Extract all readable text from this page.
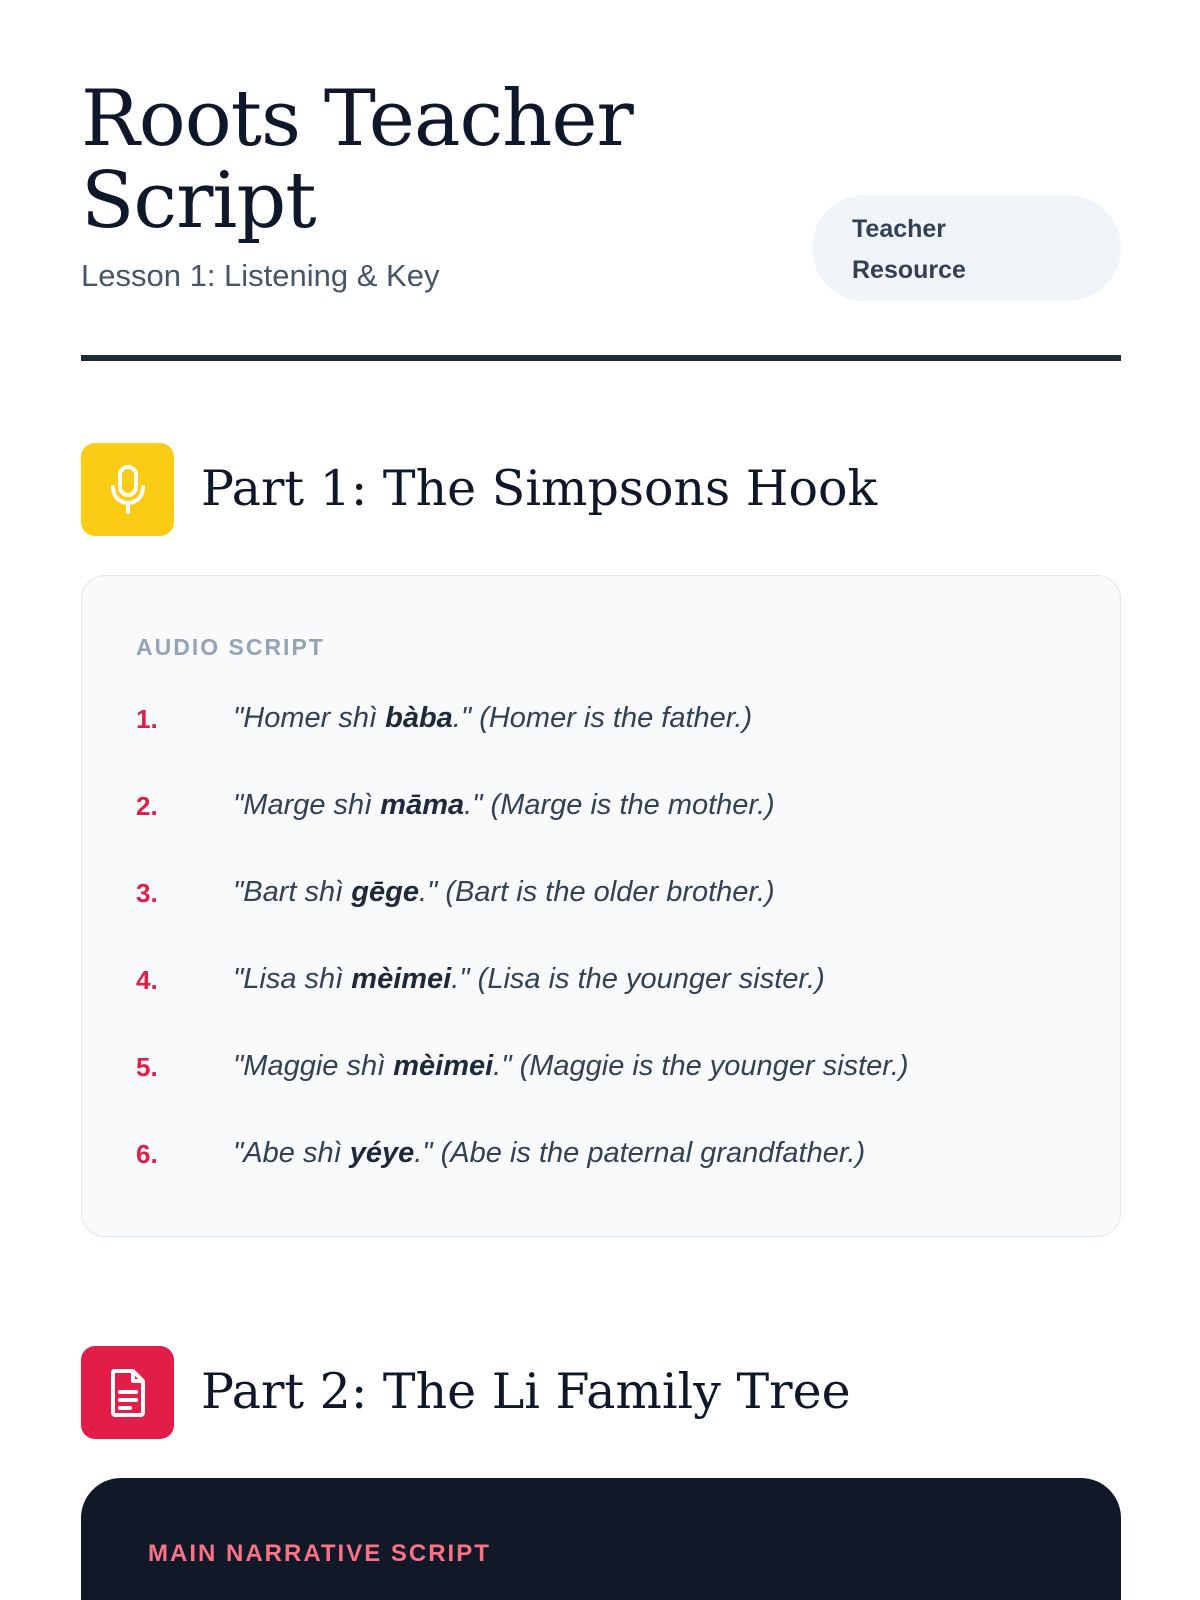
Roots Teacher Script

Lesson 1: Listening & Key

Teacher
Resource
Part 1: The Simpsons Hook
AUDIO SCRIPT
1.	"Homer shì bàba." (Homer is the father.)
2.	"Marge shì māma." (Marge is the mother.)
3.	"Bart shì gēge." (Bart is the older brother.)
4.	"Lisa shì mèimei." (Lisa is the younger sister.)
5.	"Maggie shì mèimei." (Maggie is the younger sister.)
6.	"Abe shì yéye." (Abe is the paternal grandfather.)
Part 2: The Li Family Tree
MAIN NARRATIVE SCRIPT
